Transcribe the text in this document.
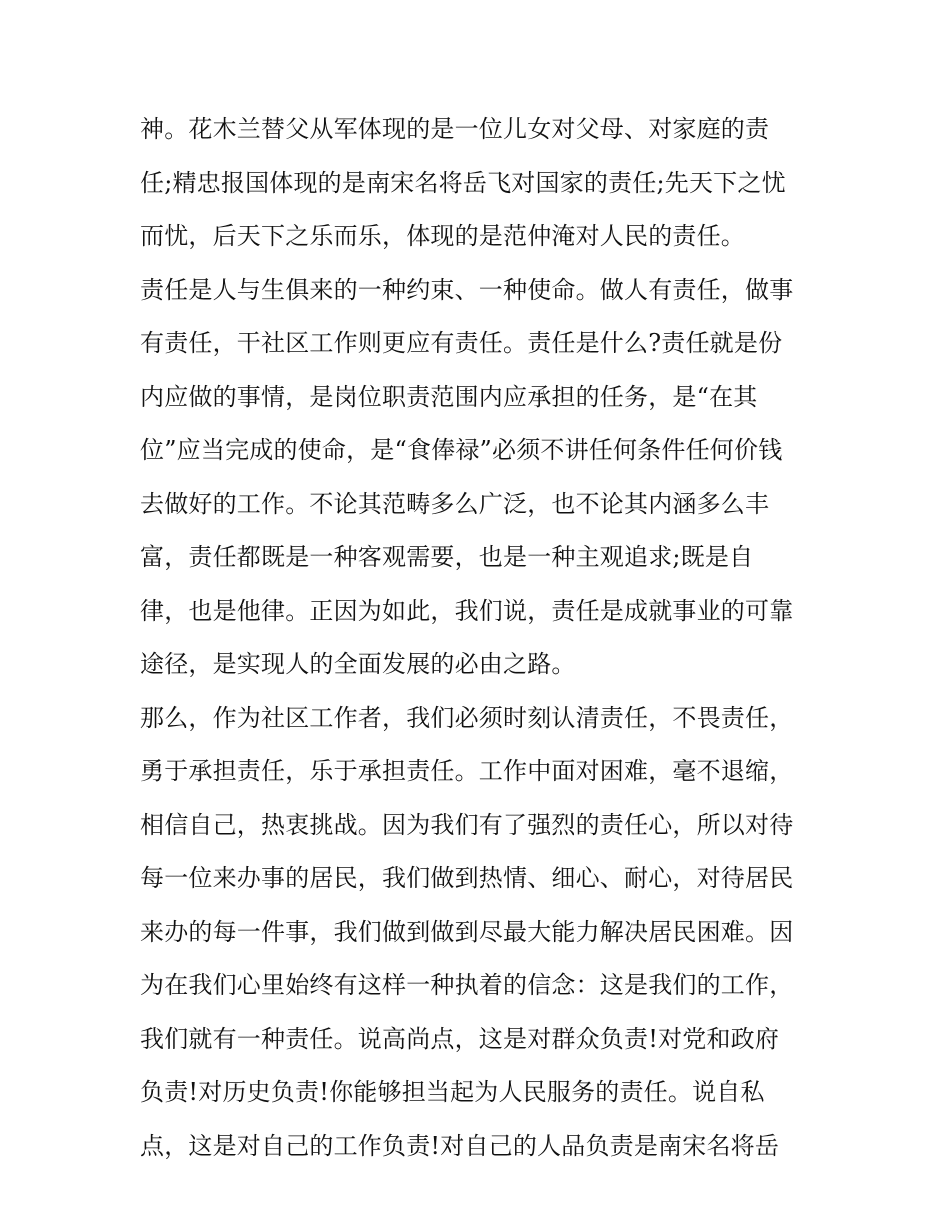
神。花木兰替父从军体现的是一位儿女对父母、对家庭的责
任;精忠报国体现的是南宋名将岳飞对国家的责任;先天下之忧
而忧，后天下之乐而乐，体现的是范仲淹对人民的责任。
责任是人与生俱来的一种约束、一种使命。做人有责任，做事
有责任，干社区工作则更应有责任。责任是什么?责任就是份
内应做的事情，是岗位职责范围内应承担的任务，是“在其
位”应当完成的使命，是“食俸禄”必须不讲任何条件任何价钱
去做好的工作。不论其范畴多么广泛，也不论其内涵多么丰
富，责任都既是一种客观需要，也是一种主观追求;既是自
律，也是他律。正因为如此，我们说，责任是成就事业的可靠
途径，是实现人的全面发展的必由之路。
那么，作为社区工作者，我们必须时刻认清责任，不畏责任，
勇于承担责任，乐于承担责任。工作中面对困难，毫不退缩，
相信自己，热衷挑战。因为我们有了强烈的责任心，所以对待
每一位来办事的居民，我们做到热情、细心、耐心，对待居民
来办的每一件事，我们做到做到尽最大能力解决居民困难。因
为在我们心里始终有这样一种执着的信念：这是我们的工作，
我们就有一种责任。说高尚点，这是对群众负责!对党和政府
负责!对历史负责!你能够担当起为人民服务的责任。说自私
点，这是对自己的工作负责!对自己的人品负责是南宋名将岳
